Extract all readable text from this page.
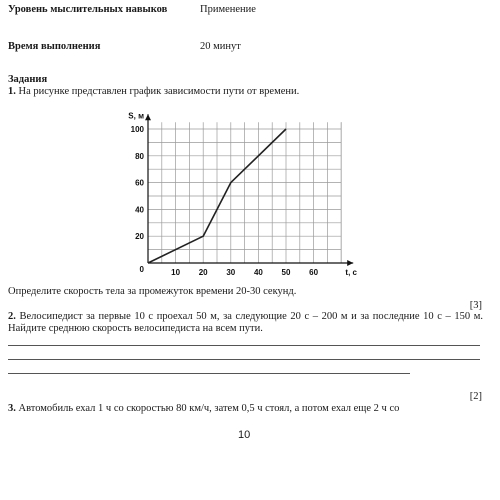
Уровень мыслительных навыков	Применение
Время выполнения	20 минут
Задания
1. На рисунке представлен график зависимости пути от времени.
10 20 30 40 50 60
20
40
60
80
100
0	t, c
S, м
Определите скорость тела за промежуток времени 20-30 секунд.
[3]
2. Велосипедист за первые 10 с проехал 50 м, за следующие 20 с – 200 м и за последние 10 с – 150 м. Найдите среднюю скорость велосипедиста на всем пути.
[2]
3. Автомобиль ехал 1 ч со скоростью 80 км/ч, затем 0,5 ч стоял, а потом ехал еще 2 ч со
10
